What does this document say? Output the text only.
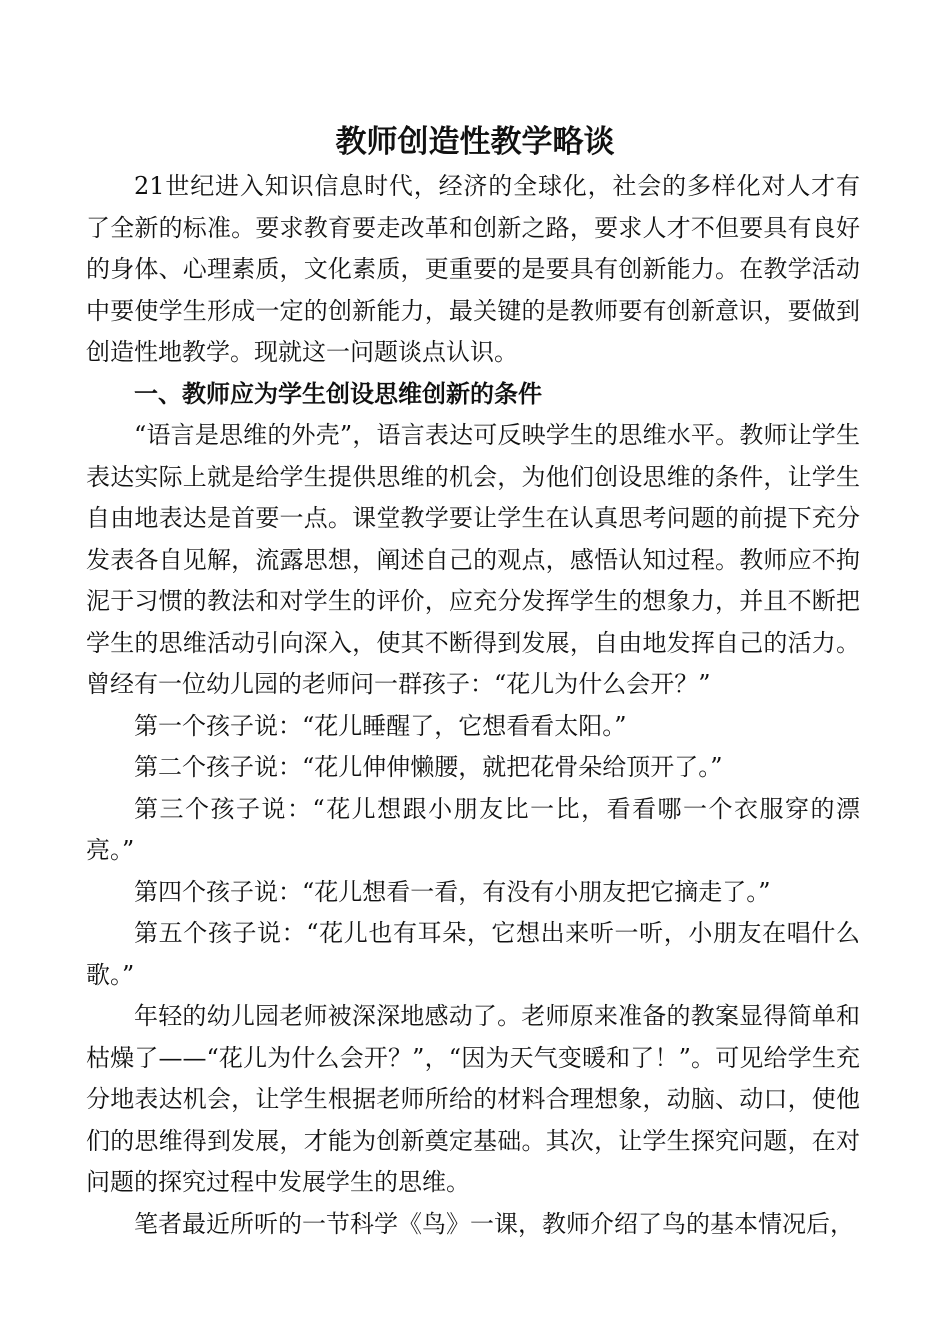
教师创造性教学略谈

21世纪进入知识信息时代，经济的全球化，社会的多样化对人才有了全新的标准。要求教育要走改革和创新之路，要求人才不但要具有良好的身体、心理素质，文化素质，更重要的是要具有创新能力。在教学活动中要使学生形成一定的创新能力，最关键的是教师要有创新意识，要做到创造性地教学。现就这一问题谈点认识。

一、教师应为学生创设思维创新的条件

“语言是思维的外壳”，语言表达可反映学生的思维水平。教师让学生表达实际上就是给学生提供思维的机会，为他们创设思维的条件，让学生自由地表达是首要一点。课堂教学要让学生在认真思考问题的前提下充分发表各自见解，流露思想，阐述自己的观点，感悟认知过程。教师应不拘泥于习惯的教法和对学生的评价，应充分发挥学生的想象力，并且不断把学生的思维活动引向深入，使其不断得到发展，自由地发挥自己的活力。曾经有一位幼儿园的老师问一群孩子：“花儿为什么会开？”

第一个孩子说：“花儿睡醒了，它想看看太阳。”

第二个孩子说：“花儿伸伸懒腰，就把花骨朵给顶开了。”

第三个孩子说：“花儿想跟小朋友比一比，看看哪一个衣服穿的漂亮。”

第四个孩子说：“花儿想看一看，有没有小朋友把它摘走了。”

第五个孩子说：“花儿也有耳朵，它想出来听一听，小朋友在唱什么歌。”

年轻的幼儿园老师被深深地感动了。老师原来准备的教案显得简单和枯燥了——“花儿为什么会开？”，“因为天气变暖和了！”。可见给学生充分地表达机会，让学生根据老师所给的材料合理想象，动脑、动口，使他们的思维得到发展，才能为创新奠定基础。其次，让学生探究问题，在对问题的探究过程中发展学生的思维。

笔者最近所听的一节科学《鸟》一课，教师介绍了鸟的基本情况后，
